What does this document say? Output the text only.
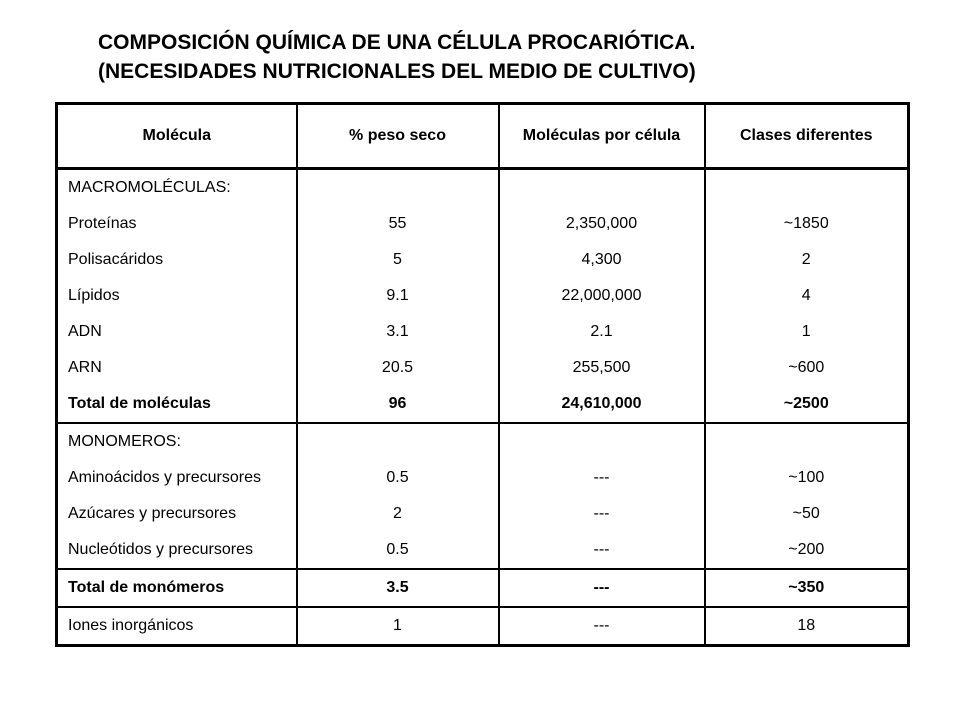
COMPOSICIÓN QUÍMICA DE UNA CÉLULA PROCARIÓTICA.
(NECESIDADES NUTRICIONALES DEL MEDIO DE CULTIVO)
Molécula	% peso seco	Moléculas por célula	Clases diferentes
MACROMOLÉCULAS:			
Proteínas	55	2,350,000	~1850
Polisacáridos	5	4,300	2
Lípidos	9.1	22,000,000	4
ADN	3.1	2.1	1
ARN	20.5	255,500	~600
Total de moléculas	96	24,610,000	~2500
MONOMEROS:			
Aminoácidos y precursores	0.5	---	~100
Azúcares y precursores	2	---	~50
Nucleótidos y precursores	0.5	---	~200
Total de monómeros	3.5	---	~350
Iones inorgánicos	1	---	18
